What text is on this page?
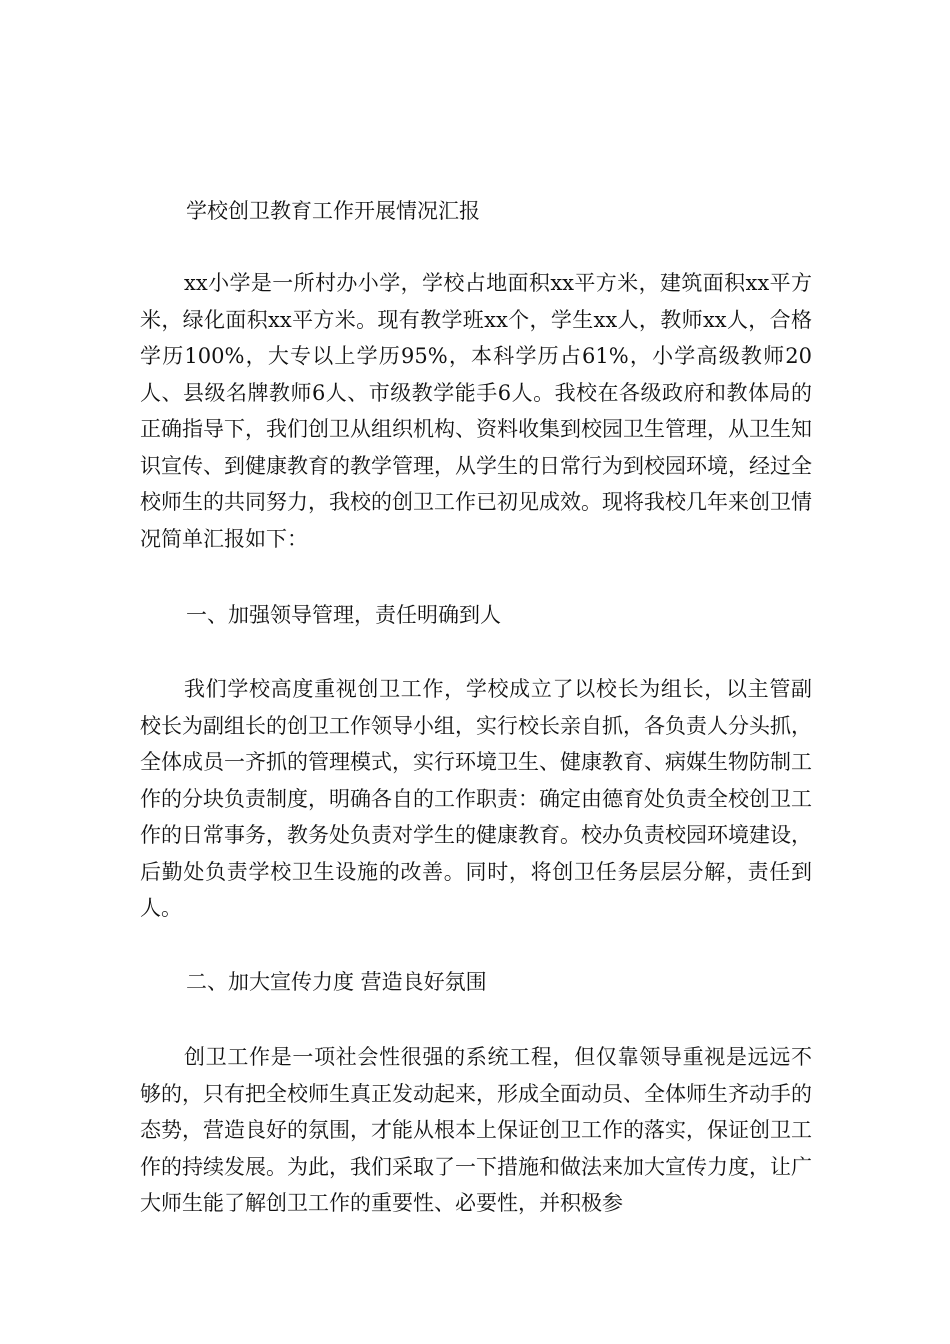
学校创卫教育工作开展情况汇报

xx小学是一所村办小学，学校占地面积xx平方米，建筑面积xx平方米，绿化面积xx平方米。现有教学班xx个，学生xx人，教师xx人，合格学历100%，大专以上学历95%，本科学历占61%，小学高级教师20人、县级名牌教师6人、市级教学能手6人。我校在各级政府和教体局的正确指导下，我们创卫从组织机构、资料收集到校园卫生管理，从卫生知识宣传、到健康教育的教学管理，从学生的日常行为到校园环境，经过全校师生的共同努力，我校的创卫工作已初见成效。现将我校几年来创卫情况简单汇报如下：

一、加强领导管理，责任明确到人

我们学校高度重视创卫工作，学校成立了以校长为组长，以主管副校长为副组长的创卫工作领导小组，实行校长亲自抓，各负责人分头抓，全体成员一齐抓的管理模式，实行环境卫生、健康教育、病媒生物防制工作的分块负责制度，明确各自的工作职责：确定由德育处负责全校创卫工作的日常事务，教务处负责对学生的健康教育。校办负责校园环境建设，后勤处负责学校卫生设施的改善。同时，将创卫任务层层分解，责任到人。

二、加大宣传力度 营造良好氛围

创卫工作是一项社会性很强的系统工程，但仅靠领导重视是远远不够的，只有把全校师生真正发动起来，形成全面动员、全体师生齐动手的态势，营造良好的氛围，才能从根本上保证创卫工作的落实，保证创卫工作的持续发展。为此，我们采取了一下措施和做法来加大宣传力度，让广大师生能了解创卫工作的重要性、必要性，并积极参
